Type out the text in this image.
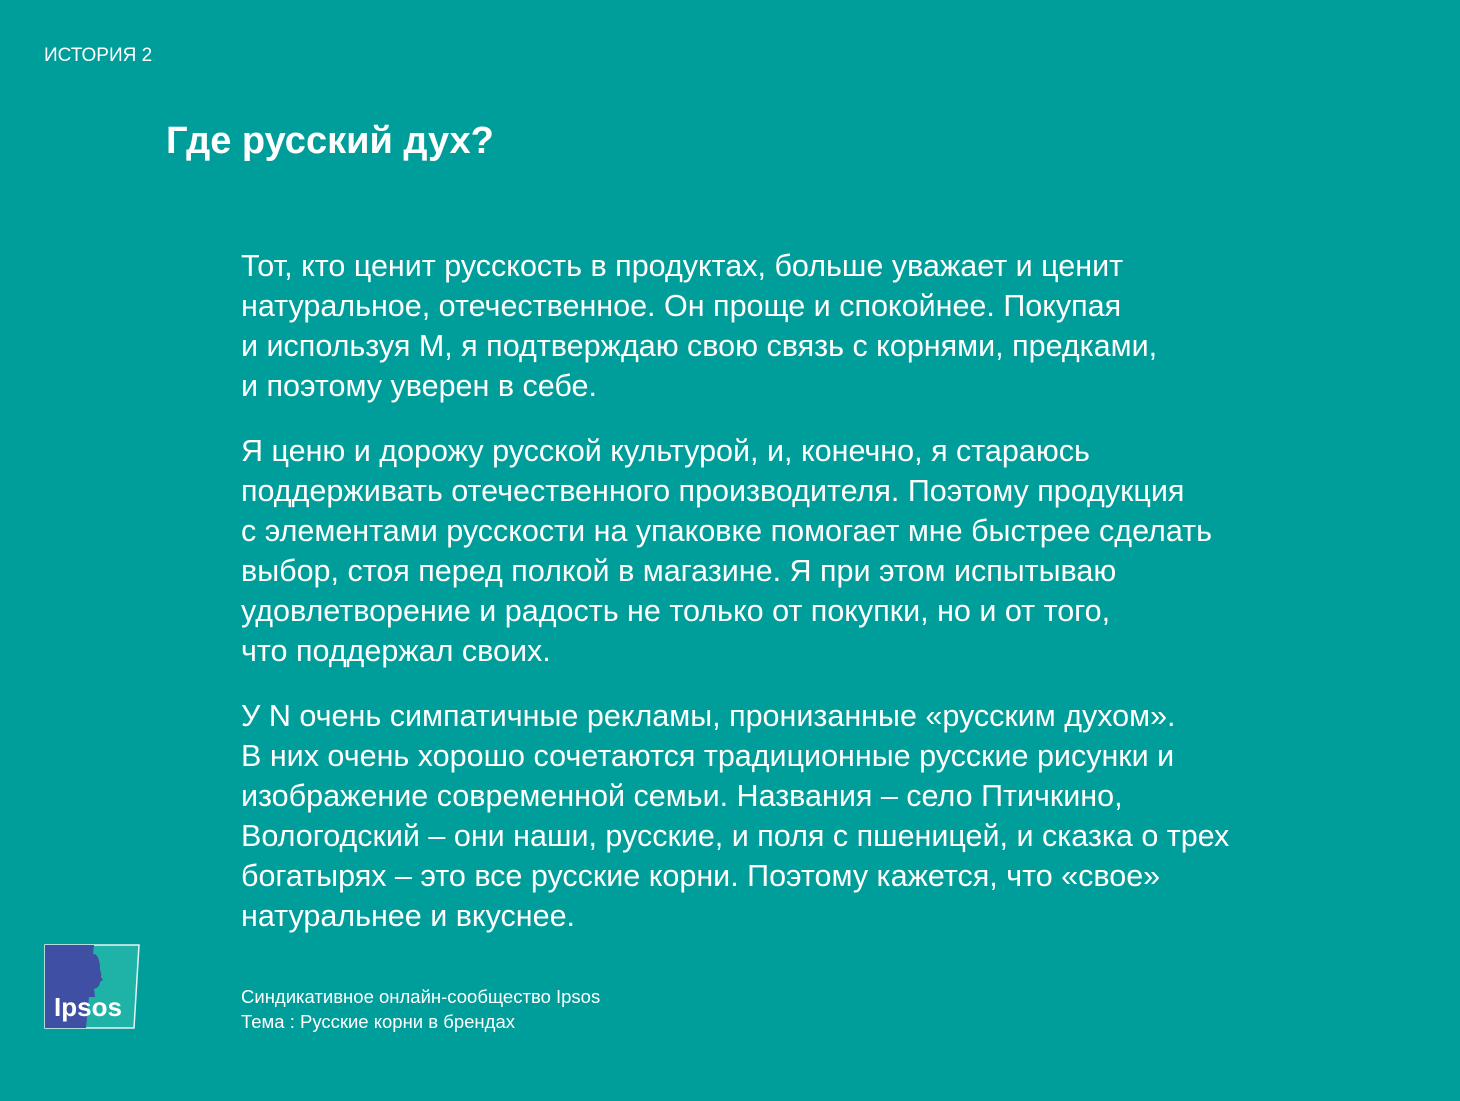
ИСТОРИЯ 2
Где русский дух?

Тот, кто ценит русскость в продуктах, больше уважает и ценит
натуральное, отечественное. Он проще и спокойнее. Покупая
и используя М, я подтверждаю свою связь с корнями, предками,
и поэтому уверен в себе.

Я ценю и дорожу русской культурой, и, конечно, я стараюсь
поддерживать отечественного производителя. Поэтому продукция
с элементами русскости на упаковке помогает мне быстрее сделать
выбор, стоя перед полкой в магазине. Я при этом испытываю
удовлетворение и радость не только от покупки, но и от того,
что поддержал своих.

У N очень симпатичные рекламы, пронизанные «русским духом».
В них очень хорошо сочетаются традиционные русские рисунки и
изображение современной семьи. Названия – село Птичкино,
Вологодский – они наши, русские, и поля с пшеницей, и сказка о трех
богатырях – это все русские корни. Поэтому кажется, что «свое»
натуральнее и вкуснее.

Ipsos	Синдикативное онлайн-сообщество Ipsos
Тема : Русские корни в брендах
